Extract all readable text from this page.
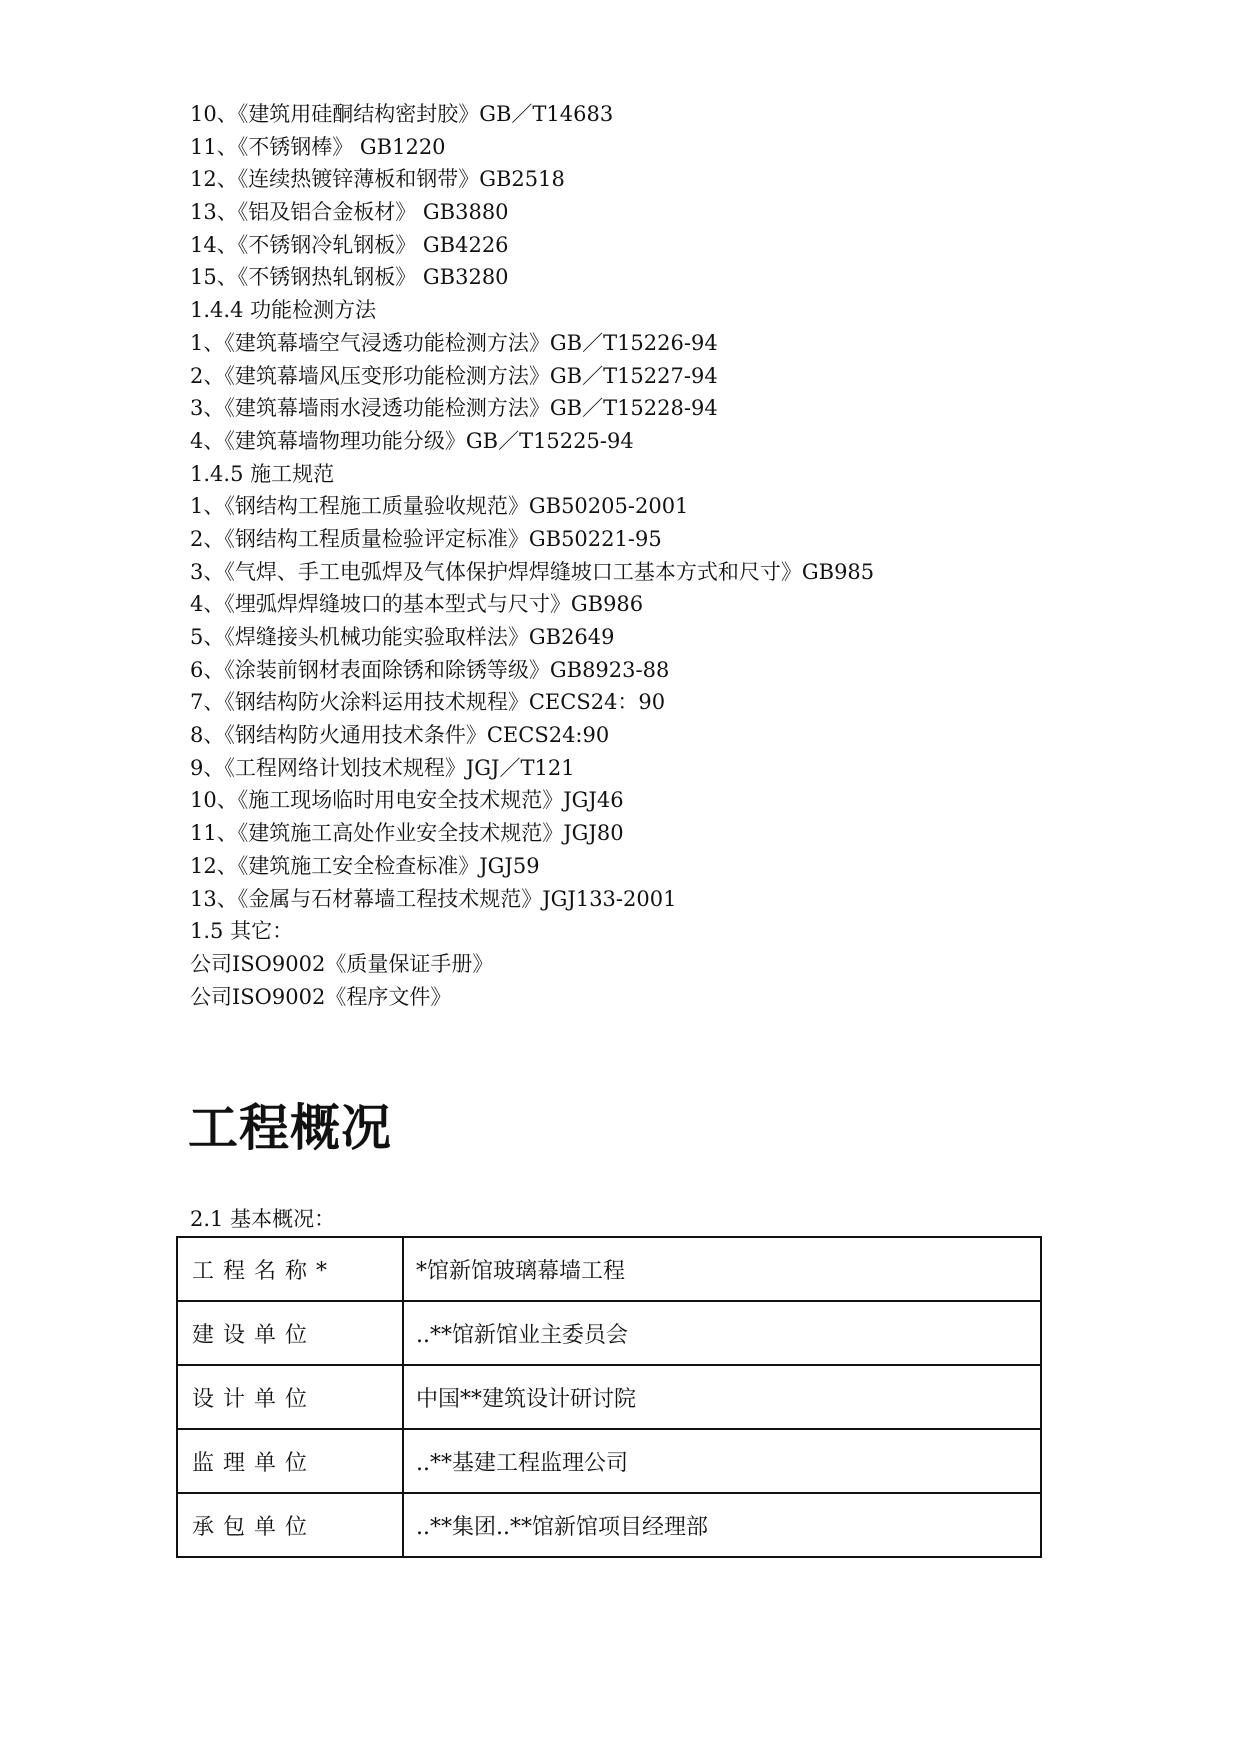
10、《建筑用硅酮结构密封胶》GB／T14683
11、《不锈钢棒》 GB1220
12、《连续热镀锌薄板和钢带》GB2518
13、《铝及铝合金板材》 GB3880
14、《不锈钢冷轧钢板》 GB4226
15、《不锈钢热轧钢板》 GB3280
1.4.4 功能检测方法
1、《建筑幕墙空气浸透功能检测方法》GB／T15226-94
2、《建筑幕墙风压变形功能检测方法》GB／T15227-94
3、《建筑幕墙雨水浸透功能检测方法》GB／T15228-94
4、《建筑幕墙物理功能分级》GB／T15225-94
1.4.5 施工规范
1、《钢结构工程施工质量验收规范》GB50205-2001
2、《钢结构工程质量检验评定标准》GB50221-95
3、《气焊、手工电弧焊及气体保护焊焊缝坡口工基本方式和尺寸》GB985
4、《埋弧焊焊缝坡口的基本型式与尺寸》GB986
5、《焊缝接头机械功能实验取样法》GB2649
6、《涂装前钢材表面除锈和除锈等级》GB8923-88
7、《钢结构防火涂料运用技术规程》CECS24：90
8、《钢结构防火通用技术条件》CECS24:90
9、《工程网络计划技术规程》JGJ／T121
10、《施工现场临时用电安全技术规范》JGJ46
11、《建筑施工高处作业安全技术规范》JGJ80
12、《建筑施工安全检查标准》JGJ59
13、《金属与石材幕墙工程技术规范》JGJ133-2001
1.5 其它：
公司ISO9002《质量保证手册》
公司ISO9002《程序文件》
工程概况
2.1 基本概况：
工程名称*	*馆新馆玻璃幕墙工程
建设单位	..**馆新馆业主委员会
设计单位	中国**建筑设计研讨院
监理单位	..**基建工程监理公司
承包单位	..**集团..**馆新馆项目经理部
